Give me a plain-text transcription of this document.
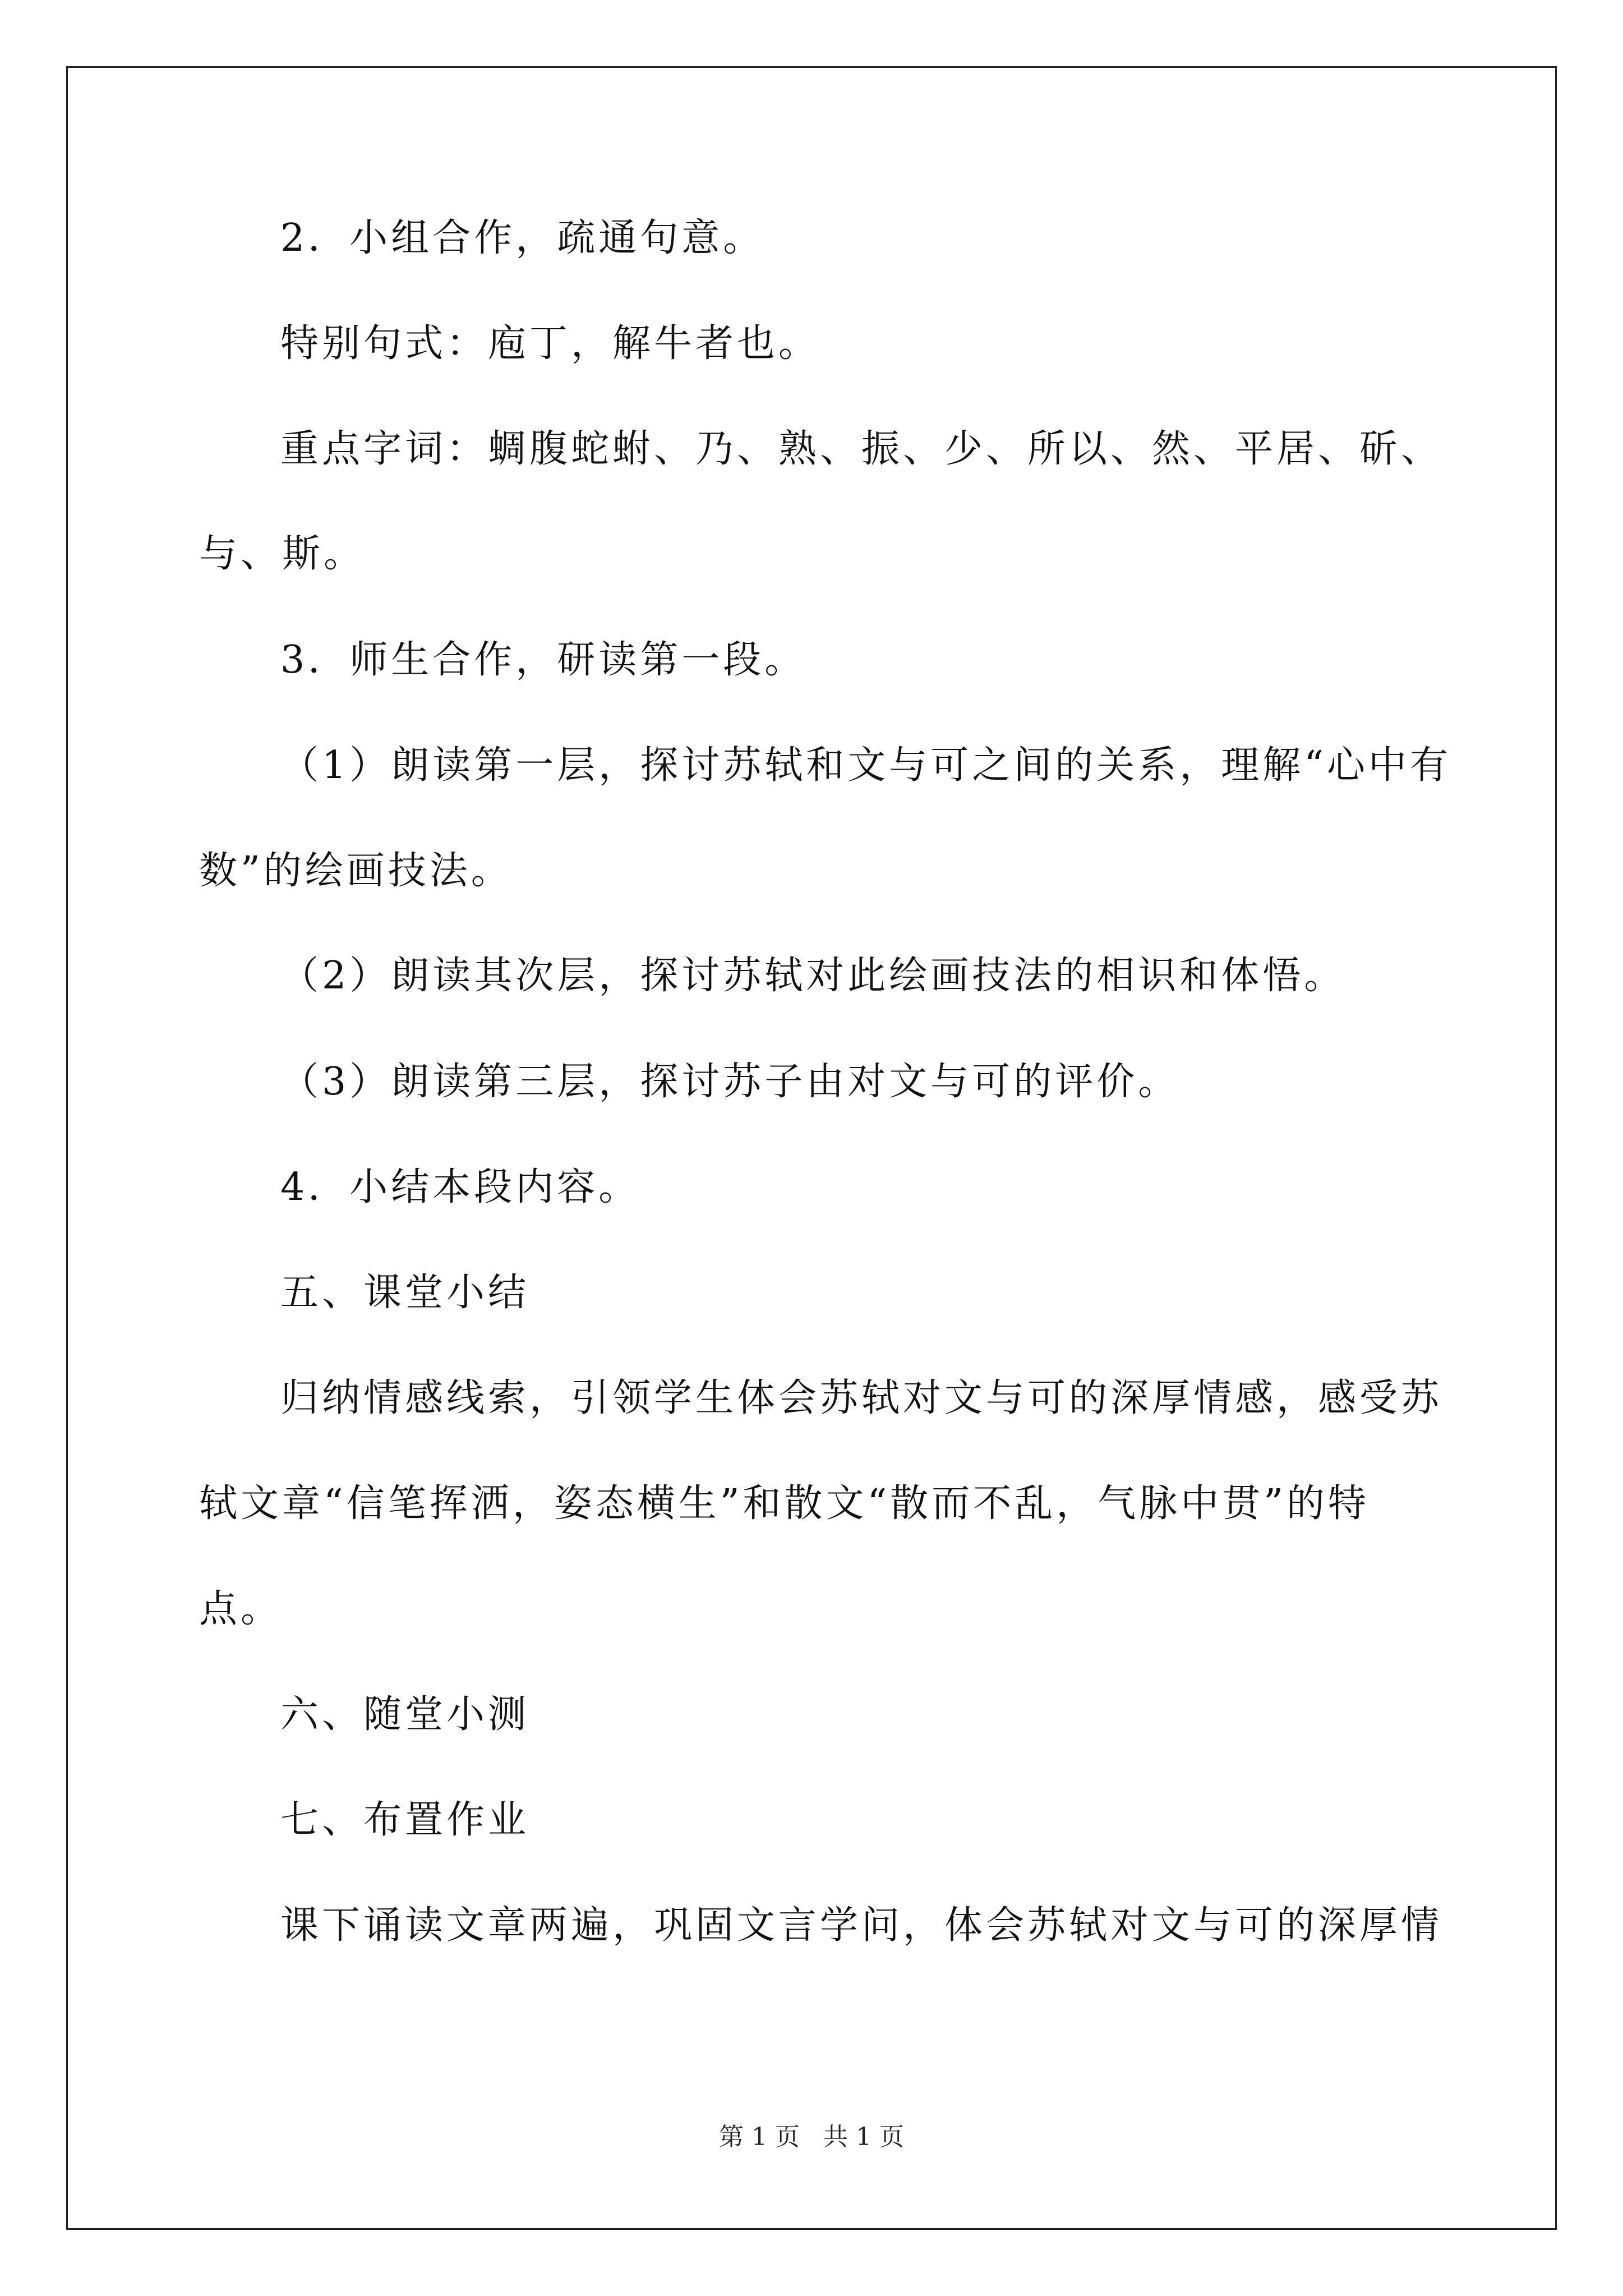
2．小组合作，疏通句意。
特别句式：庖丁，解牛者也。
重点字词：蜩腹蛇蚹、乃、熟、振、少、所以、然、平居、斫、
与、斯。
3．师生合作，研读第一段。
（1）朗读第一层，探讨苏轼和文与可之间的关系，理解“心中有
数”的绘画技法。
（2）朗读其次层，探讨苏轼对此绘画技法的相识和体悟。
（3）朗读第三层，探讨苏子由对文与可的评价。
4．小结本段内容。
五、课堂小结
归纳情感线索，引领学生体会苏轼对文与可的深厚情感，感受苏
轼文章“信笔挥洒，姿态横生”和散文“散而不乱，气脉中贯”的特
点。
六、随堂小测
七、布置作业
课下诵读文章两遍，巩固文言学问，体会苏轼对文与可的深厚情
第 1 页   共 1 页
